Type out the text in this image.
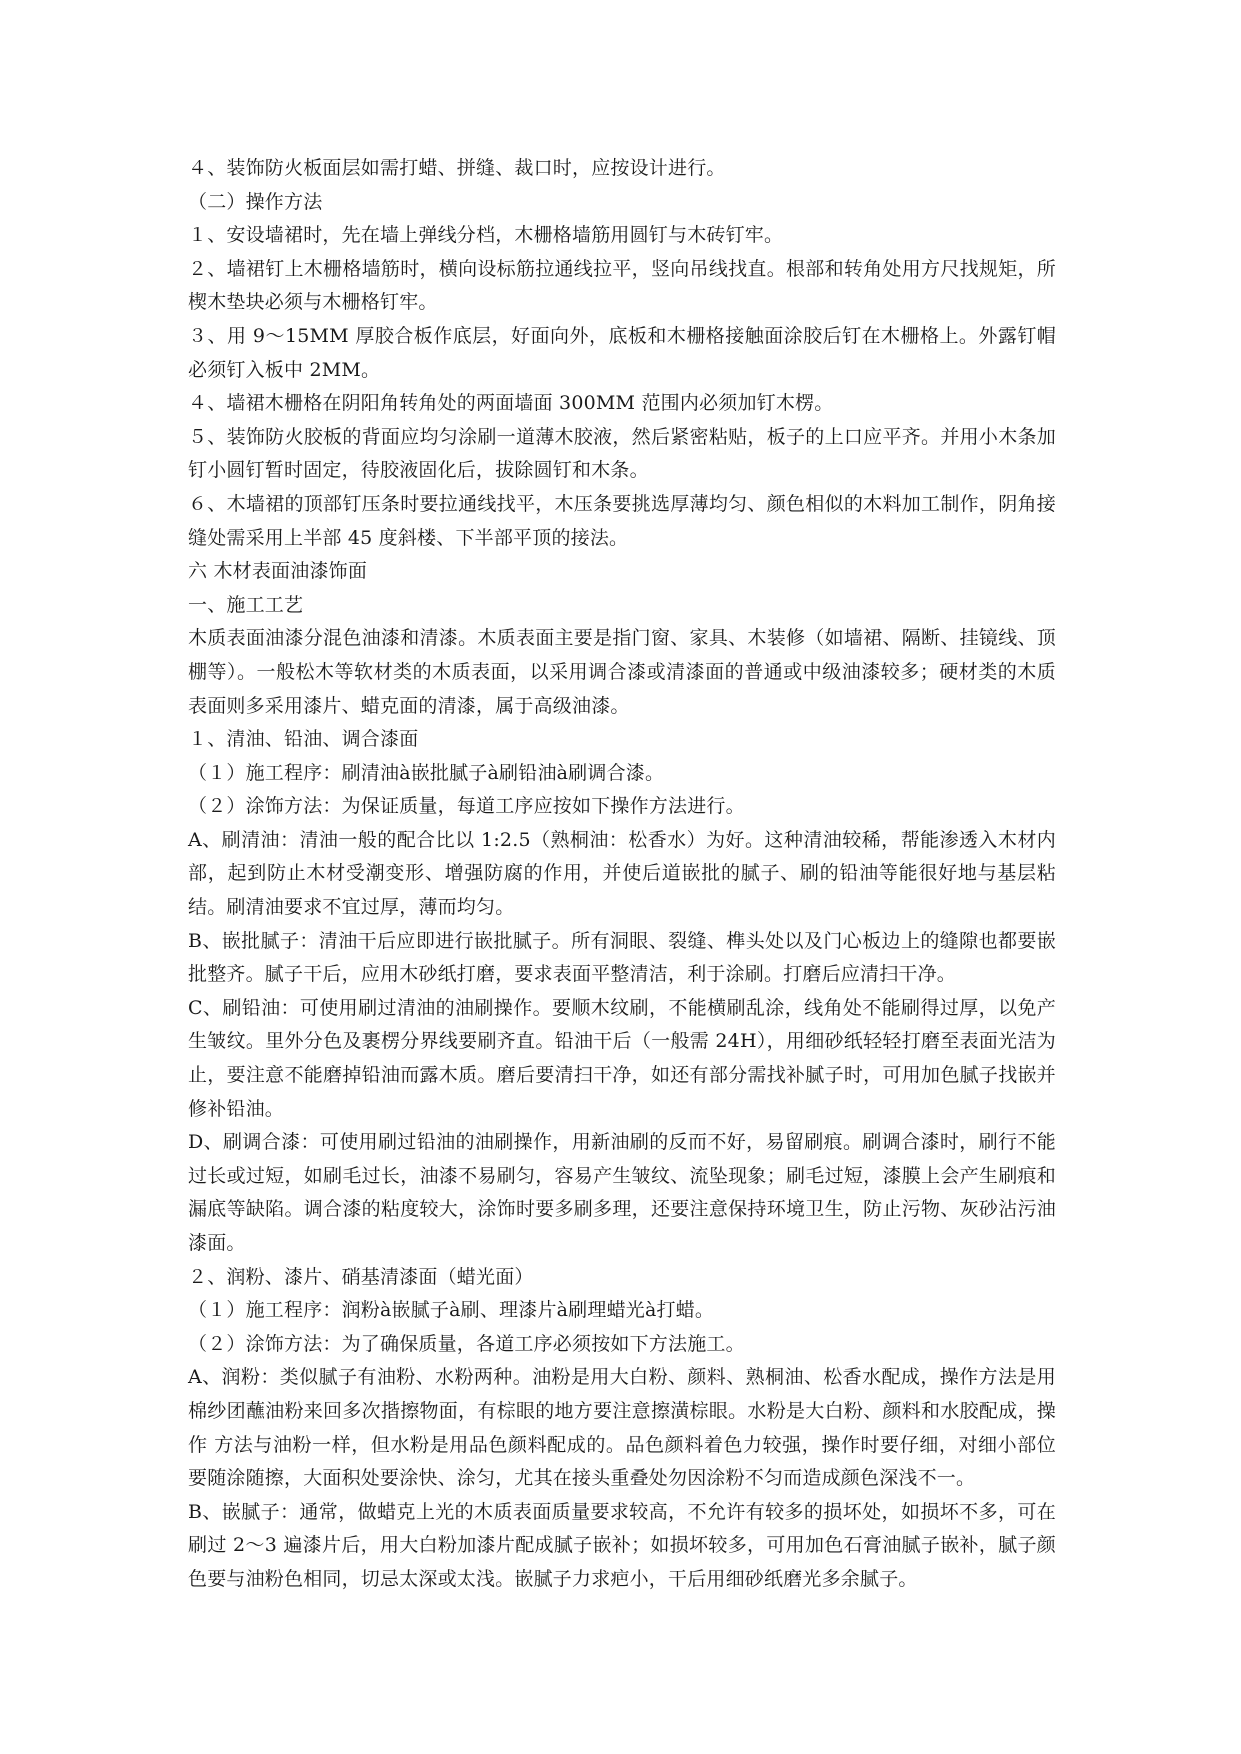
４、装饰防火板面层如需打蜡、拼缝、裁口时，应按设计进行。

（二）操作方法

１、安设墙裙时，先在墙上弹线分档，木栅格墙筋用圆钉与木砖钉牢。

２、墙裙钉上木栅格墙筋时，横向设标筋拉通线拉平，竖向吊线找直。根部和转角处用方尺找规矩，所楔木垫块必须与木栅格钉牢。

３、用 9～15MM 厚胶合板作底层，好面向外，底板和木栅格接触面涂胶后钉在木栅格上。外露钉帽必须钉入板中 2MM。

４、墙裙木栅格在阴阳角转角处的两面墙面 300MM 范围内必须加钉木楞。

５、装饰防火胶板的背面应均匀涂刷一道薄木胶液，然后紧密粘贴，板子的上口应平齐。并用小木条加钉小圆钉暂时固定，待胶液固化后，拔除圆钉和木条。

６、木墙裙的顶部钉压条时要拉通线找平，木压条要挑选厚薄均匀、颜色相似的木料加工制作，阴角接缝处需采用上半部 45 度斜楼、下半部平顶的接法。

六 木材表面油漆饰面

一、施工工艺

木质表面油漆分混色油漆和清漆。木质表面主要是指门窗、家具、木装修（如墙裙、隔断、挂镜线、顶棚等）。一般松木等软材类的木质表面，以采用调合漆或清漆面的普通或中级油漆较多；硬材类的木质表面则多采用漆片、蜡克面的清漆，属于高级油漆。

１、清油、铅油、调合漆面

（１）施工程序：刷清油à嵌批腻子à刷铅油à刷调合漆。

（２）涂饰方法：为保证质量，每道工序应按如下操作方法进行。

A、刷清油：清油一般的配合比以 1:2.5（熟桐油：松香水）为好。这种清油较稀，帮能渗透入木材内部，起到防止木材受潮变形、增强防腐的作用，并使后道嵌批的腻子、刷的铅油等能很好地与基层粘结。刷清油要求不宜过厚，薄而均匀。

B、嵌批腻子：清油干后应即进行嵌批腻子。所有洞眼、裂缝、榫头处以及门心板边上的缝隙也都要嵌批整齐。腻子干后，应用木砂纸打磨，要求表面平整清洁，利于涂刷。打磨后应清扫干净。

C、刷铅油：可使用刷过清油的油刷操作。要顺木纹刷，不能横刷乱涂，线角处不能刷得过厚，以免产生皱纹。里外分色及裹楞分界线要刷齐直。铅油干后（一般需 24H），用细砂纸轻轻打磨至表面光洁为止，要注意不能磨掉铅油而露木质。磨后要清扫干净，如还有部分需找补腻子时，可用加色腻子找嵌并修补铅油。

D、刷调合漆：可使用刷过铅油的油刷操作，用新油刷的反而不好，易留刷痕。刷调合漆时，刷行不能过长或过短，如刷毛过长，油漆不易刷匀，容易产生皱纹、流坠现象；刷毛过短，漆膜上会产生刷痕和漏底等缺陷。调合漆的粘度较大，涂饰时要多刷多理，还要注意保持环境卫生，防止污物、灰砂沾污油漆面。

２、润粉、漆片、硝基清漆面（蜡光面）

（１）施工程序：润粉à嵌腻子à刷、理漆片à刷理蜡光à打蜡。

（２）涂饰方法：为了确保质量，各道工序必须按如下方法施工。

A、润粉：类似腻子有油粉、水粉两种。油粉是用大白粉、颜料、熟桐油、松香水配成，操作方法是用棉纱团蘸油粉来回多次揩擦物面，有棕眼的地方要注意擦潢棕眼。水粉是大白粉、颜料和水胶配成，操作 方法与油粉一样，但水粉是用品色颜料配成的。品色颜料着色力较强，操作时要仔细，对细小部位要随涂随擦，大面积处要涂快、涂匀，尤其在接头重叠处勿因涂粉不匀而造成颜色深浅不一。

B、嵌腻子：通常，做蜡克上光的木质表面质量要求较高，不允许有较多的损坏处，如损坏不多，可在刷过 2～3 遍漆片后，用大白粉加漆片配成腻子嵌补；如损坏较多，可用加色石膏油腻子嵌补，腻子颜色要与油粉色相同，切忌太深或太浅。嵌腻子力求疤小，干后用细砂纸磨光多余腻子。
